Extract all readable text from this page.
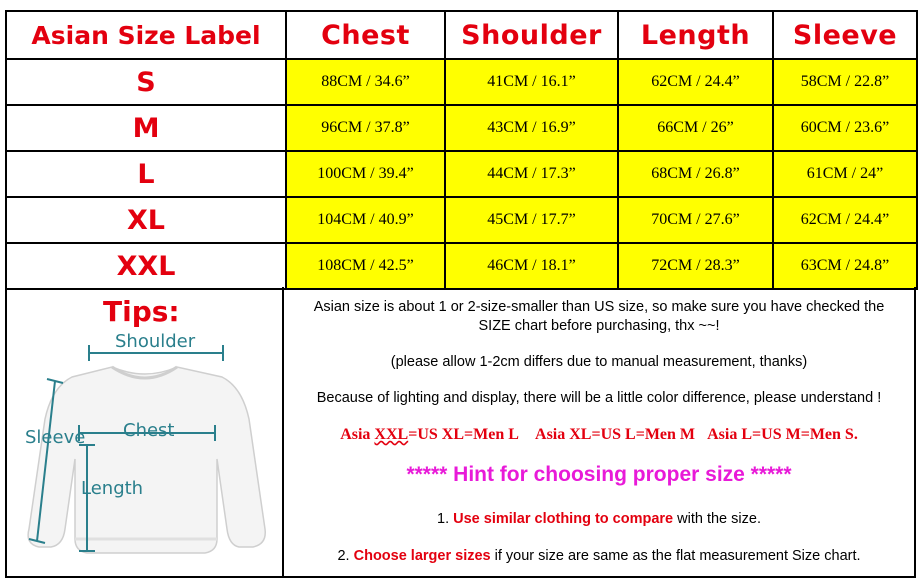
Asian Size Label	Chest	Shoulder	Length	Sleeve
S	88CM / 34.6”	41CM / 16.1”	62CM / 24.4”	58CM / 22.8”
M	96CM / 37.8”	43CM / 16.9”	66CM / 26”	60CM / 23.6”
L	100CM / 39.4”	44CM / 17.3”	68CM / 26.8”	61CM / 24”
XL	104CM / 40.9”	45CM / 17.7”	70CM / 27.6”	62CM / 24.4”
XXL	108CM / 42.5”	46CM / 18.1”	72CM / 28.3”	63CM / 24.8”
Tips:
Shoulder
Sleeve Chest
Length

Asian size is about 1 or 2-size-smaller than US size, so make sure you have checked the

SIZE chart before purchasing, thx ~~!

(please allow 1-2cm differs due to manual measurement, thanks)

Because of lighting and display, there will be a little color difference, please understand !

Asia XXL=US XL=Men L Asia XL=US L=Men M Asia L=US M=Men S.

***** Hint for choosing proper size *****

1. Use similar clothing to compare with the size.

2. Choose larger sizes if your size are same as the flat measurement Size chart.
